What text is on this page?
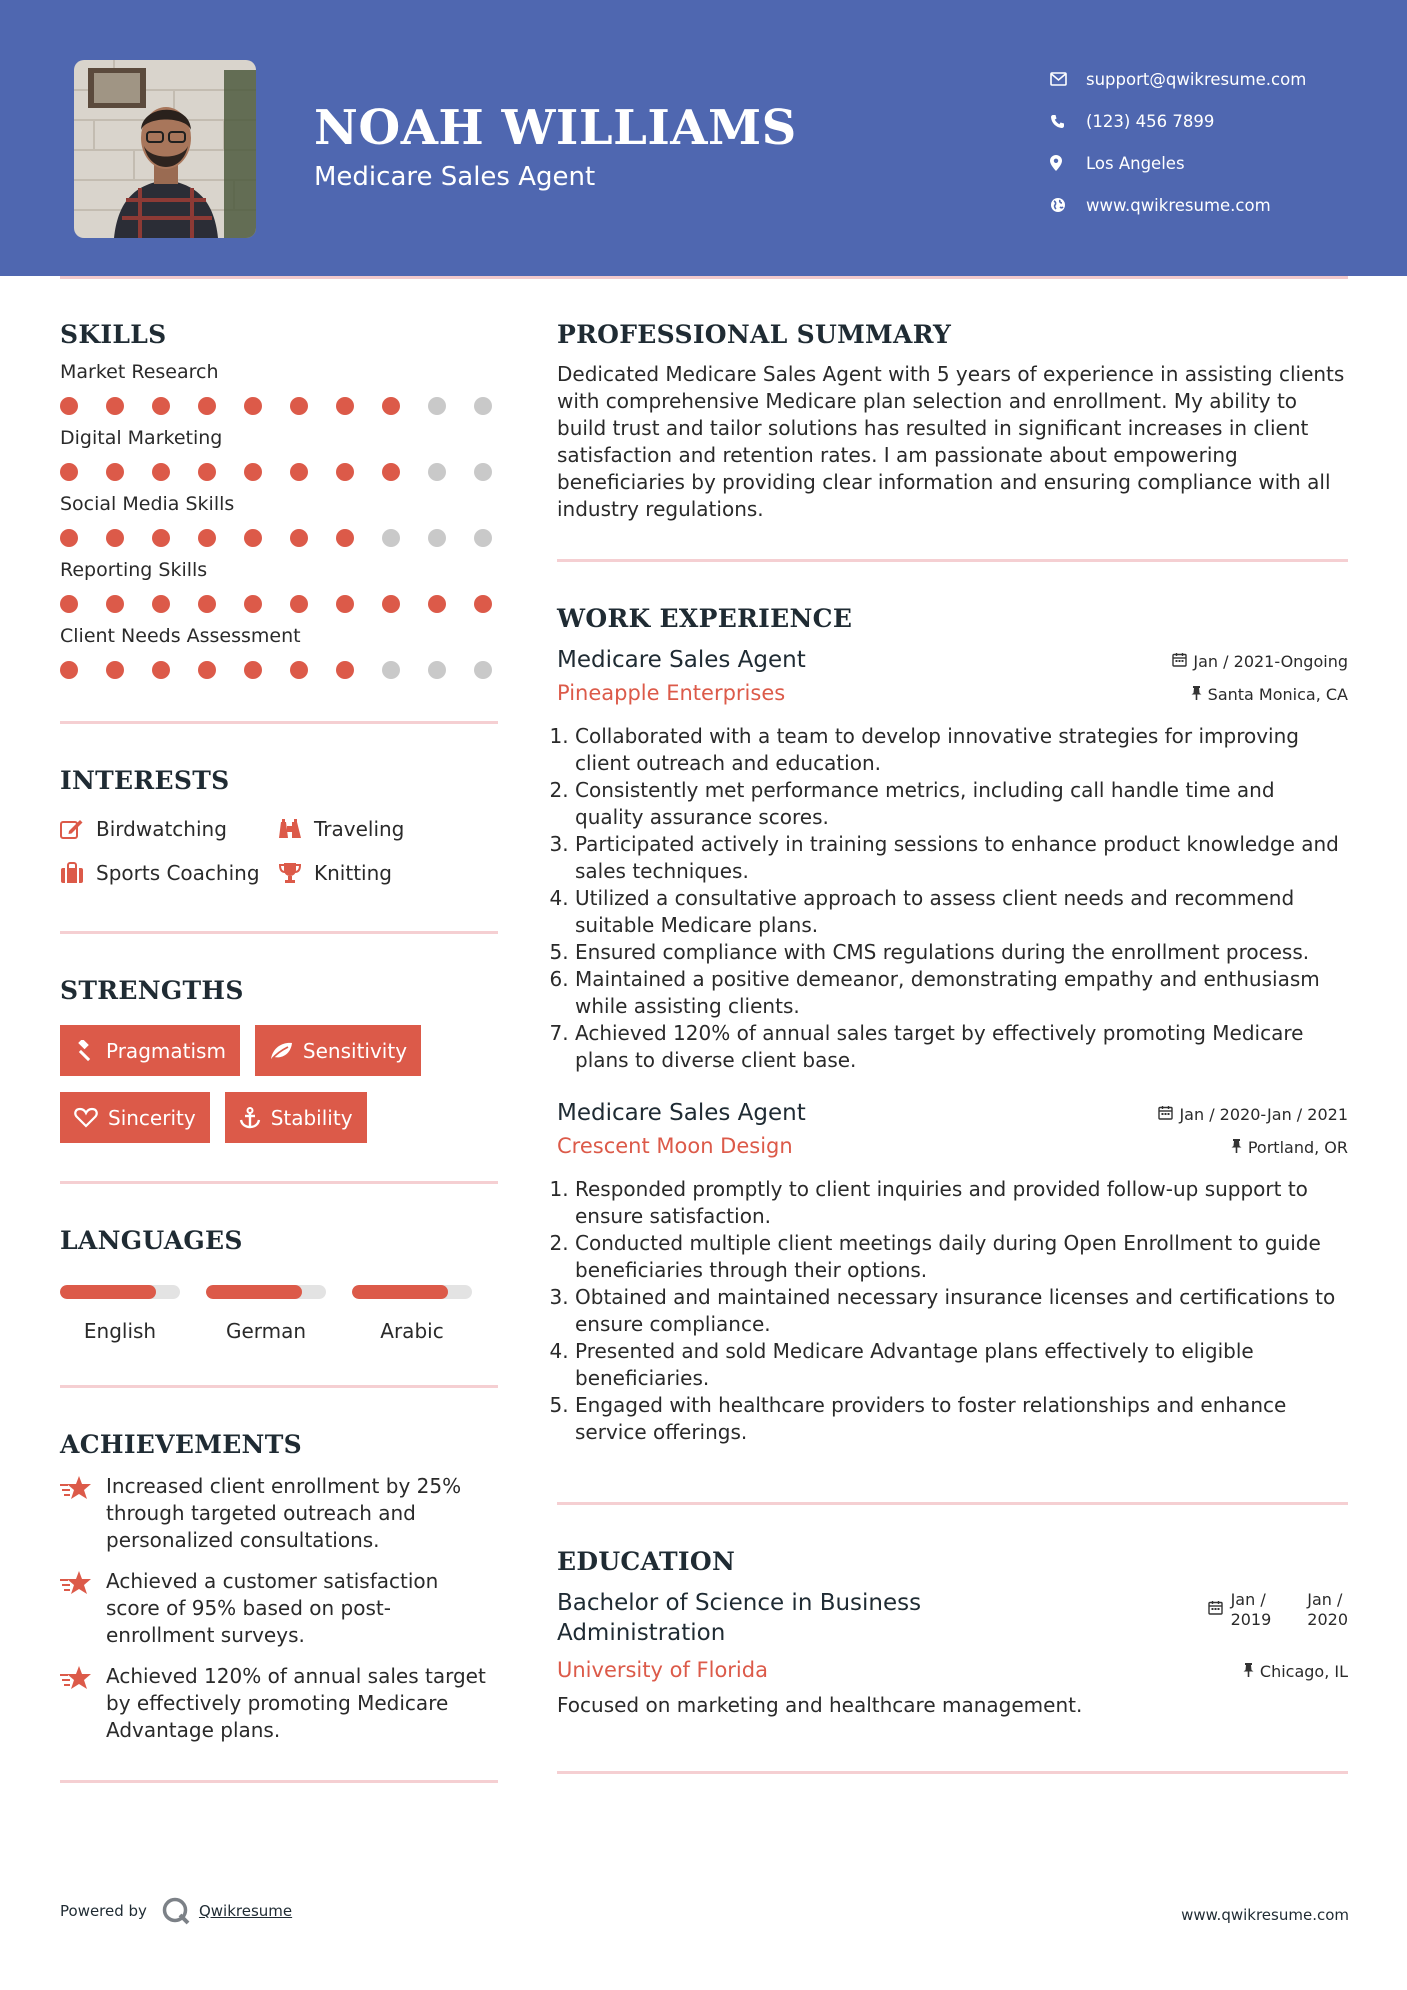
NOAH WILLIAMS
Medicare Sales Agent
support@qwikresume.com
(123) 456 7899
Los Angeles
www.qwikresume.com
SKILLS
Market Research
Digital Marketing
Social Media Skills
Reporting Skills
Client Needs Assessment
INTERESTS
Birdwatching	Traveling
Sports Coaching	Knitting
STRENGTHS
Pragmatism	Sensitivity
Sincerity	Stability
LANGUAGES
English	German	Arabic
ACHIEVEMENTS
Increased client enrollment by 25% through targeted outreach and personalized consultations.
Achieved a customer satisfaction score of 95% based on post-enrollment surveys.
Achieved 120% of annual sales target by effectively promoting Medicare Advantage plans.
PROFESSIONAL SUMMARY

Dedicated Medicare Sales Agent with 5 years of experience in assisting clients with comprehensive Medicare plan selection and enrollment. My ability to build trust and tailor solutions has resulted in significant increases in client satisfaction and retention rates. I am passionate about empowering beneficiaries by providing clear information and ensuring compliance with all industry regulations.

WORK EXPERIENCE
Medicare Sales Agent	Jan / 2021-Ongoing
Pineapple Enterprises	Santa Monica, CA
1. Collaborated with a team to develop innovative strategies for improving client outreach and education.
2. Consistently met performance metrics, including call handle time and quality assurance scores.
3. Participated actively in training sessions to enhance product knowledge and sales techniques.
4. Utilized a consultative approach to assess client needs and recommend suitable Medicare plans.
5. Ensured compliance with CMS regulations during the enrollment process.
6. Maintained a positive demeanor, demonstrating empathy and enthusiasm while assisting clients.
7. Achieved 120% of annual sales target by effectively promoting Medicare plans to diverse client base.
Medicare Sales Agent	Jan / 2020-Jan / 2021
Crescent Moon Design	Portland, OR
1. Responded promptly to client inquiries and provided follow-up support to ensure satisfaction.
2. Conducted multiple client meetings daily during Open Enrollment to guide beneficiaries through their options.
3. Obtained and maintained necessary insurance licenses and certifications to ensure compliance.
4. Presented and sold Medicare Advantage plans effectively to eligible beneficiaries.
5. Engaged with healthcare providers to foster relationships and enhance service offerings.
EDUCATION
Bachelor of Science in Business
Administration
Jan /
2019
Jan /
2020
University of Florida	Chicago, IL

Focused on marketing and healthcare management.

Powered by	Qwikresume	www.qwikresume.com
